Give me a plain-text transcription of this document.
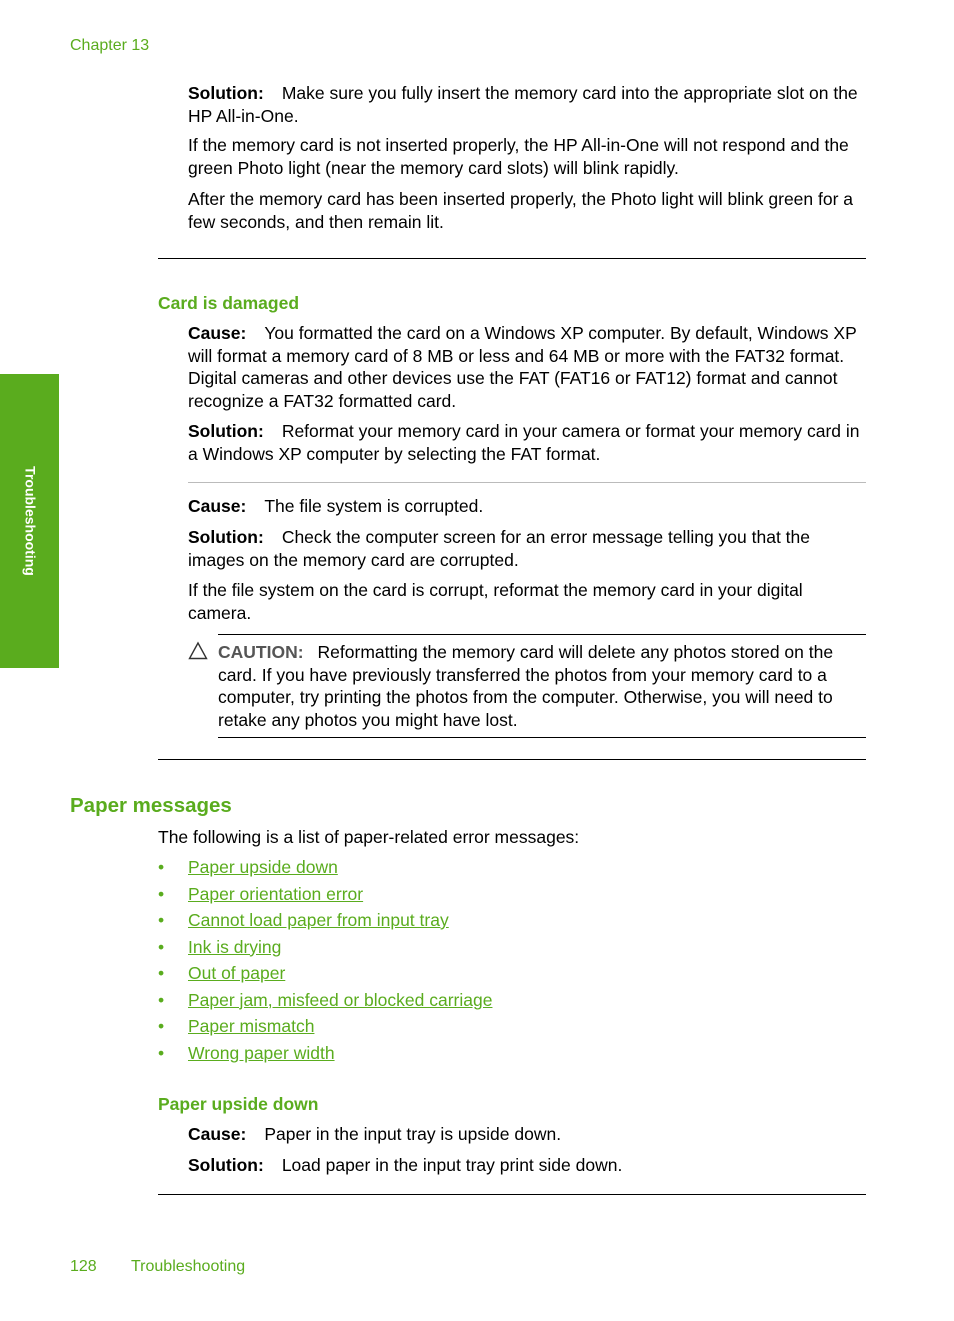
Chapter 13
Troubleshooting

Solution: Make sure you fully insert the memory card into the appropriate slot on the HP All-in-One.

If the memory card is not inserted properly, the HP All-in-One will not respond and the green Photo light (near the memory card slots) will blink rapidly.

After the memory card has been inserted properly, the Photo light will blink green for a few seconds, and then remain lit.

Card is damaged

Cause: You formatted the card on a Windows XP computer. By default, Windows XP will format a memory card of 8 MB or less and 64 MB or more with the FAT32 format. Digital cameras and other devices use the FAT (FAT16 or FAT12) format and cannot recognize a FAT32 formatted card.

Solution: Reformat your memory card in your camera or format your memory card in a Windows XP computer by selecting the FAT format.

Cause: The file system is corrupted.

Solution: Check the computer screen for an error message telling you that the images on the memory card are corrupted.

If the file system on the card is corrupt, reformat the memory card in your digital camera.

CAUTION: Reformatting the memory card will delete any photos stored on the card. If you have previously transferred the photos from your memory card to a computer, try printing the photos from the computer. Otherwise, you will need to retake any photos you might have lost.

Paper messages

The following is a list of paper-related error messages:

• Paper upside down
• Paper orientation error
• Cannot load paper from input tray
• Ink is drying
• Out of paper
• Paper jam, misfeed or blocked carriage
• Paper mismatch
• Wrong paper width
Paper upside down

Cause: Paper in the input tray is upside down.

Solution: Load paper in the input tray print side down.

128 Troubleshooting
